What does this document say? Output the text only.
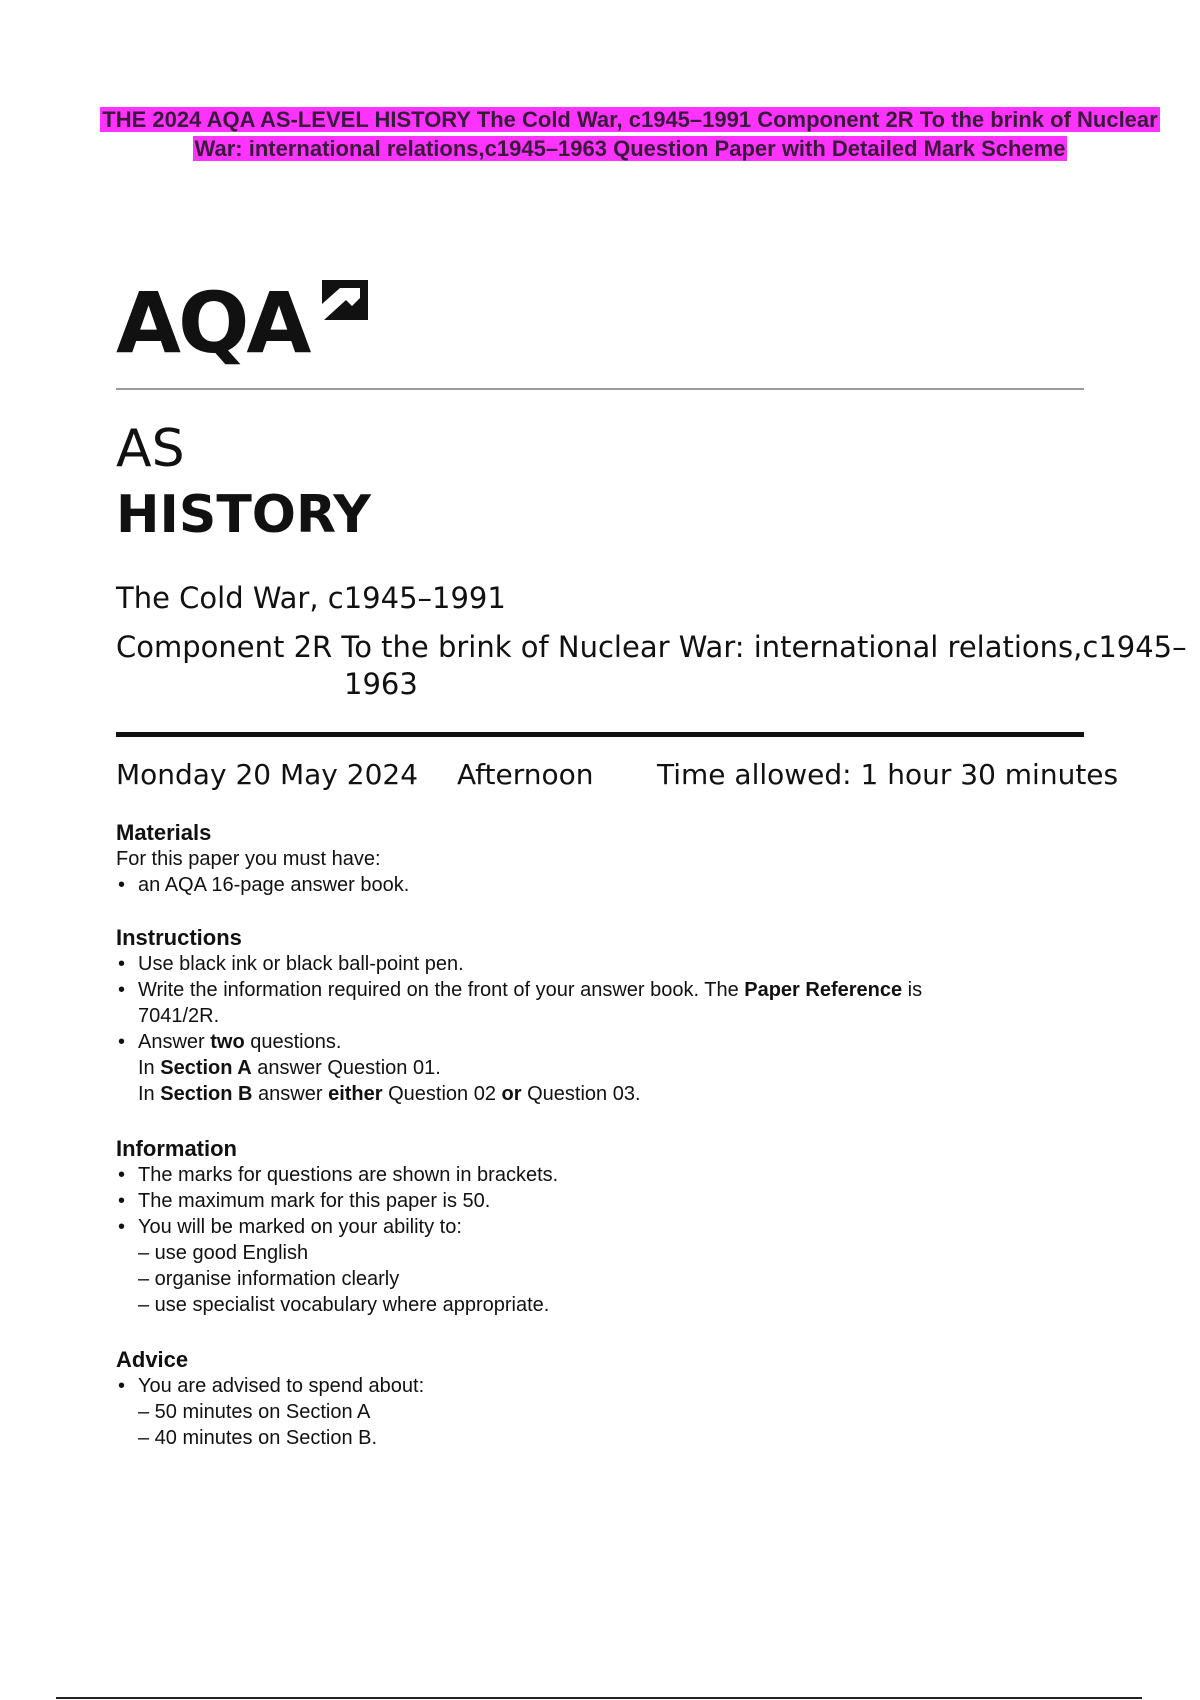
THE 2024 AQA AS-LEVEL HISTORY The Cold War, c1945–1991 Component 2R To the brink of Nuclear War: international relations,c1945–1963 Question Paper with Detailed Mark Scheme
AQA
AS
HISTORY
The Cold War, c1945–1991
Component 2R To the brink of Nuclear War: international relations,c1945–
1963
Monday 20 May 2024 Afternoon Time allowed: 1 hour 30 minutes
Materials

For this paper you must have:

• an AQA 16-page answer book.
Instructions
• Use black ink or black ball-point pen.
• Write the information required on the front of your answer book. The Paper Reference is
7041/2R.
• Answer two questions.
In Section A answer Question 01.
In Section B answer either Question 02 or Question 03.
Information
• The marks for questions are shown in brackets.
• The maximum mark for this paper is 50.
• You will be marked on your ability to:
– use good English
– organise information clearly
– use specialist vocabulary where appropriate.
Advice
• You are advised to spend about:
– 50 minutes on Section A
– 40 minutes on Section B.
